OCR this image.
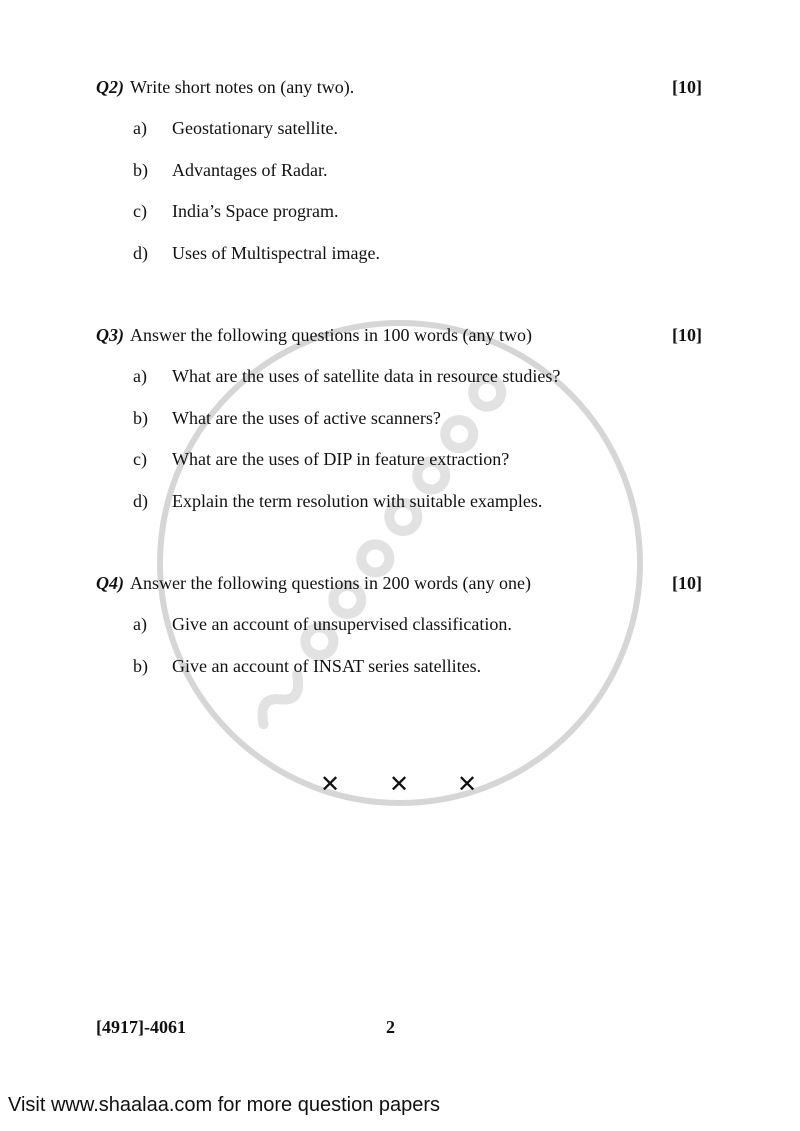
Q2) Write short notes on (any two).	[10]
a) Geostationary satellite.
b) Advantages of Radar.
c) India’s Space program.
d) Uses of Multispectral image.
Q3) Answer the following questions in 100 words (any two)	[10]
a) What are the uses of satellite data in resource studies?
b) What are the uses of active scanners?
c) What are the uses of DIP in feature extraction?
d) Explain the term resolution with suitable examples.
Q4) Answer the following questions in 200 words (any one)	[10]
a) Give an account of unsupervised classification.
b) Give an account of INSAT series satellites.
✕ ✕ ✕
[4917]-4061	2
Visit www.shaalaa.com for more question papers
